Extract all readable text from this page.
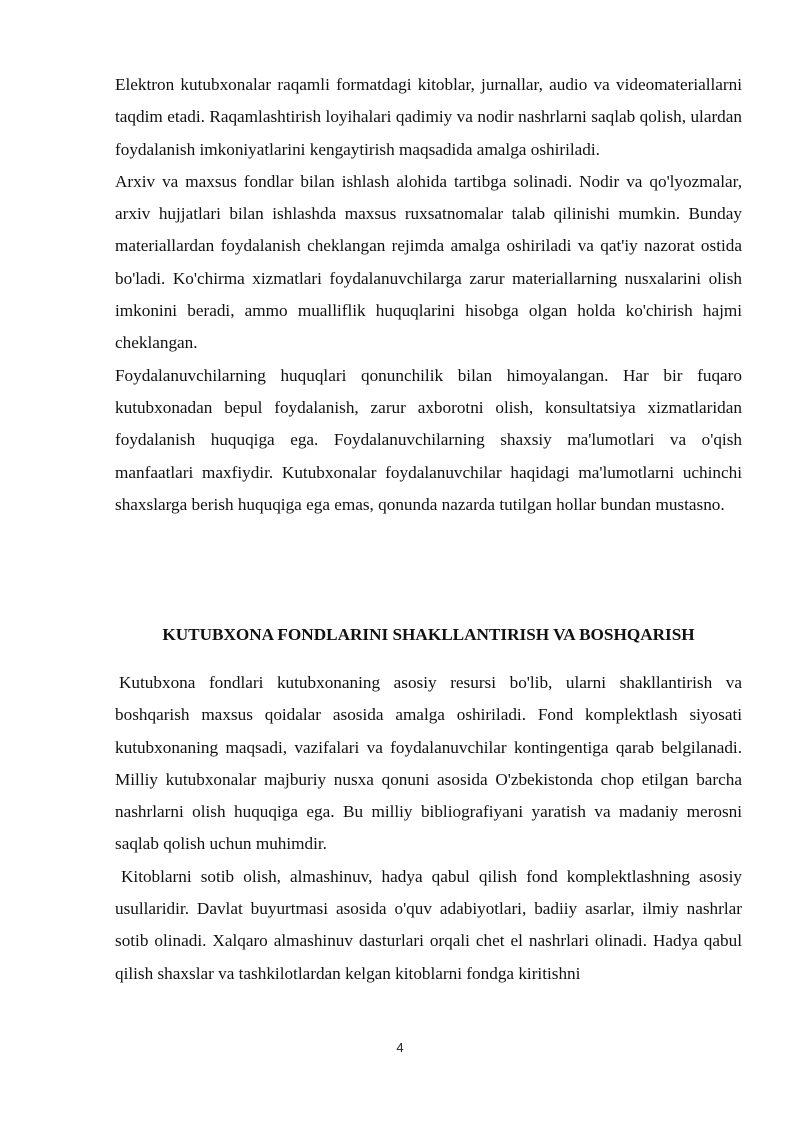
Elektron kutubxonalar raqamli formatdagi kitoblar, jurnallar, audio va videomateriallarni taqdim etadi. Raqamlashtirish loyihalari qadimiy va nodir nashrlarni saqlab qolish, ulardan foydalanish imkoniyatlarini kengaytirish maqsadida amalga oshiriladi.

Arxiv va maxsus fondlar bilan ishlash alohida tartibga solinadi. Nodir va qo'lyozmalar, arxiv hujjatlari bilan ishlashda maxsus ruxsatnomalar talab qilinishi mumkin. Bunday materiallardan foydalanish cheklangan rejimda amalga oshiriladi va qat'iy nazorat ostida bo'ladi. Ko'chirma xizmatlari foydalanuvchilarga zarur materiallarning nusxalarini olish imkonini beradi, ammo mualliflik huquqlarini hisobga olgan holda ko'chirish hajmi cheklangan.

Foydalanuvchilarning huquqlari qonunchilik bilan himoyalangan. Har bir fuqaro kutubxonadan bepul foydalanish, zarur axborotni olish, konsultatsiya xizmatlaridan foydalanish huquqiga ega. Foydalanuvchilarning shaxsiy ma'lumotlari va o'qish manfaatlari maxfiydir. Kutubxonalar foydalanuvchilar haqidagi ma'lumotlarni uchinchi shaxslarga berish huquqiga ega emas, qonunda nazarda tutilgan hollar bundan mustasno.

KUTUBXONA FONDLARINI SHAKLLANTIRISH VA BOSHQARISH

Kutubxona fondlari kutubxonaning asosiy resursi bo'lib, ularni shakllantirish va boshqarish maxsus qoidalar asosida amalga oshiriladi. Fond komplektlash siyosati kutubxonaning maqsadi, vazifalari va foydalanuvchilar kontingentiga qarab belgilanadi. Milliy kutubxonalar majburiy nusxa qonuni asosida O'zbekistonda chop etilgan barcha nashrlarni olish huquqiga ega. Bu milliy bibliografiyani yaratish va madaniy merosni saqlab qolish uchun muhimdir.

Kitoblarni sotib olish, almashinuv, hadya qabul qilish fond komplektlashning asosiy usullaridir. Davlat buyurtmasi asosida o'quv adabiyotlari, badiiy asarlar, ilmiy nashrlar sotib olinadi. Xalqaro almashinuv dasturlari orqali chet el nashrlari olinadi. Hadya qabul qilish shaxslar va tashkilotlardan kelgan kitoblarni fondga kiritishni

4
